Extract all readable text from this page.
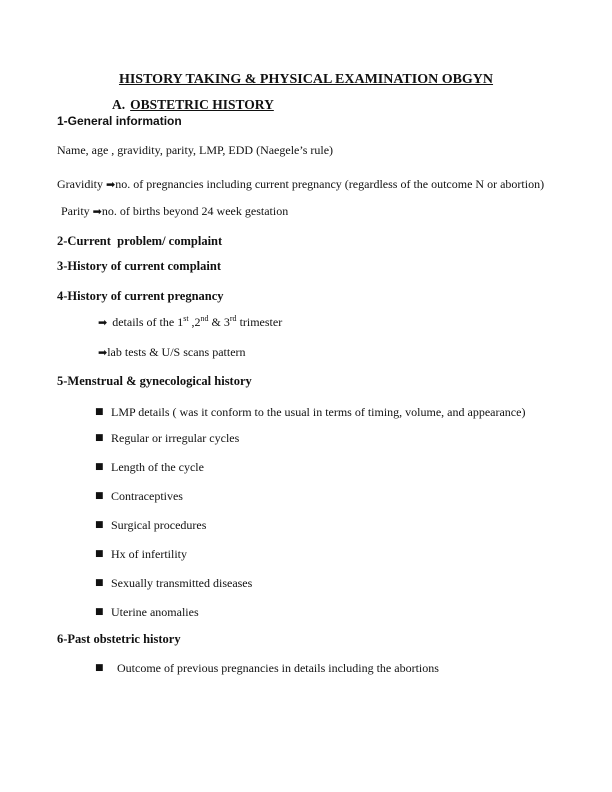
HISTORY TAKING & PHYSICAL EXAMINATION OBGYN
A. OBSTETRIC HISTORY
1-General information

Name, age , gravidity, parity, LMP, EDD (Naegele’s rule)

Gravidity ➡no. of pregnancies including current pregnancy (regardless of the outcome N or abortion)

Parity ➡no. of births beyond 24 week gestation

2-Current  problem/ complaint
3-History of current complaint
4-History of current pregnancy
➡ details of the 1st ,2nd & 3rd trimester
➡lab tests & U/S scans pattern
5-Menstrual & gynecological history
■ LMP details ( was it conform to the usual in terms of timing, volume, and appearance)
■ Regular or irregular cycles
■ Length of the cycle
■ Contraceptives
■ Surgical procedures
■ Hx of infertility
■ Sexually transmitted diseases
■ Uterine anomalies
6-Past obstetric history
■	Outcome of previous pregnancies in details including the abortions
